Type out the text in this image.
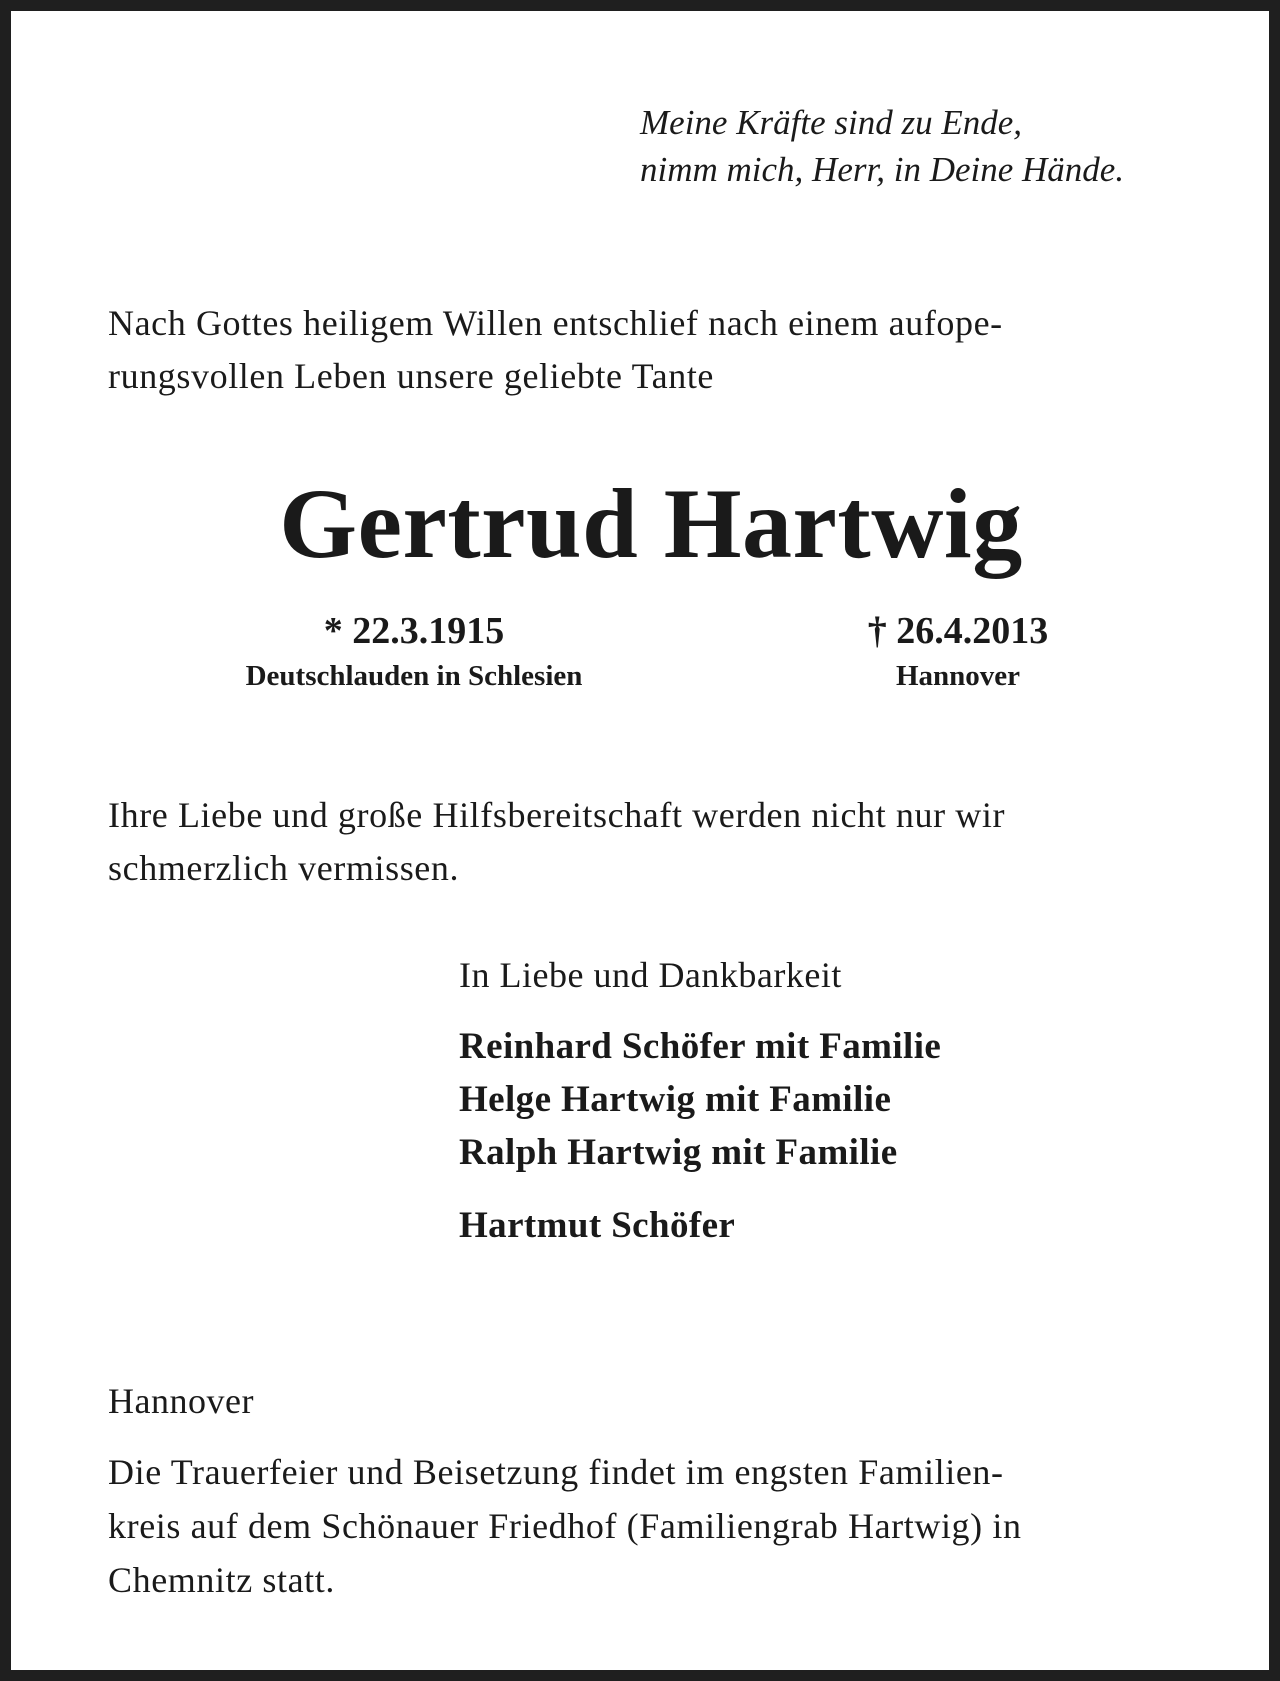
Meine Kräfte sind zu Ende,
nimm mich, Herr, in Deine Hände.
Nach Gottes heiligem Willen entschlief nach einem aufope-
rungsvollen Leben unsere geliebte Tante
Gertrud Hartwig
* 22.3.1915
Deutschlauden in Schlesien
† 26.4.2013
Hannover
Ihre Liebe und große Hilfsbereitschaft werden nicht nur wir
schmerzlich vermissen.
In Liebe und Dankbarkeit
Reinhard Schöfer mit Familie
Helge Hartwig mit Familie
Ralph Hartwig mit Familie
Hartmut Schöfer
Hannover
Die Trauerfeier und Beisetzung findet im engsten Familien-
kreis auf dem Schönauer Friedhof (Familiengrab Hartwig) in
Chemnitz statt.
